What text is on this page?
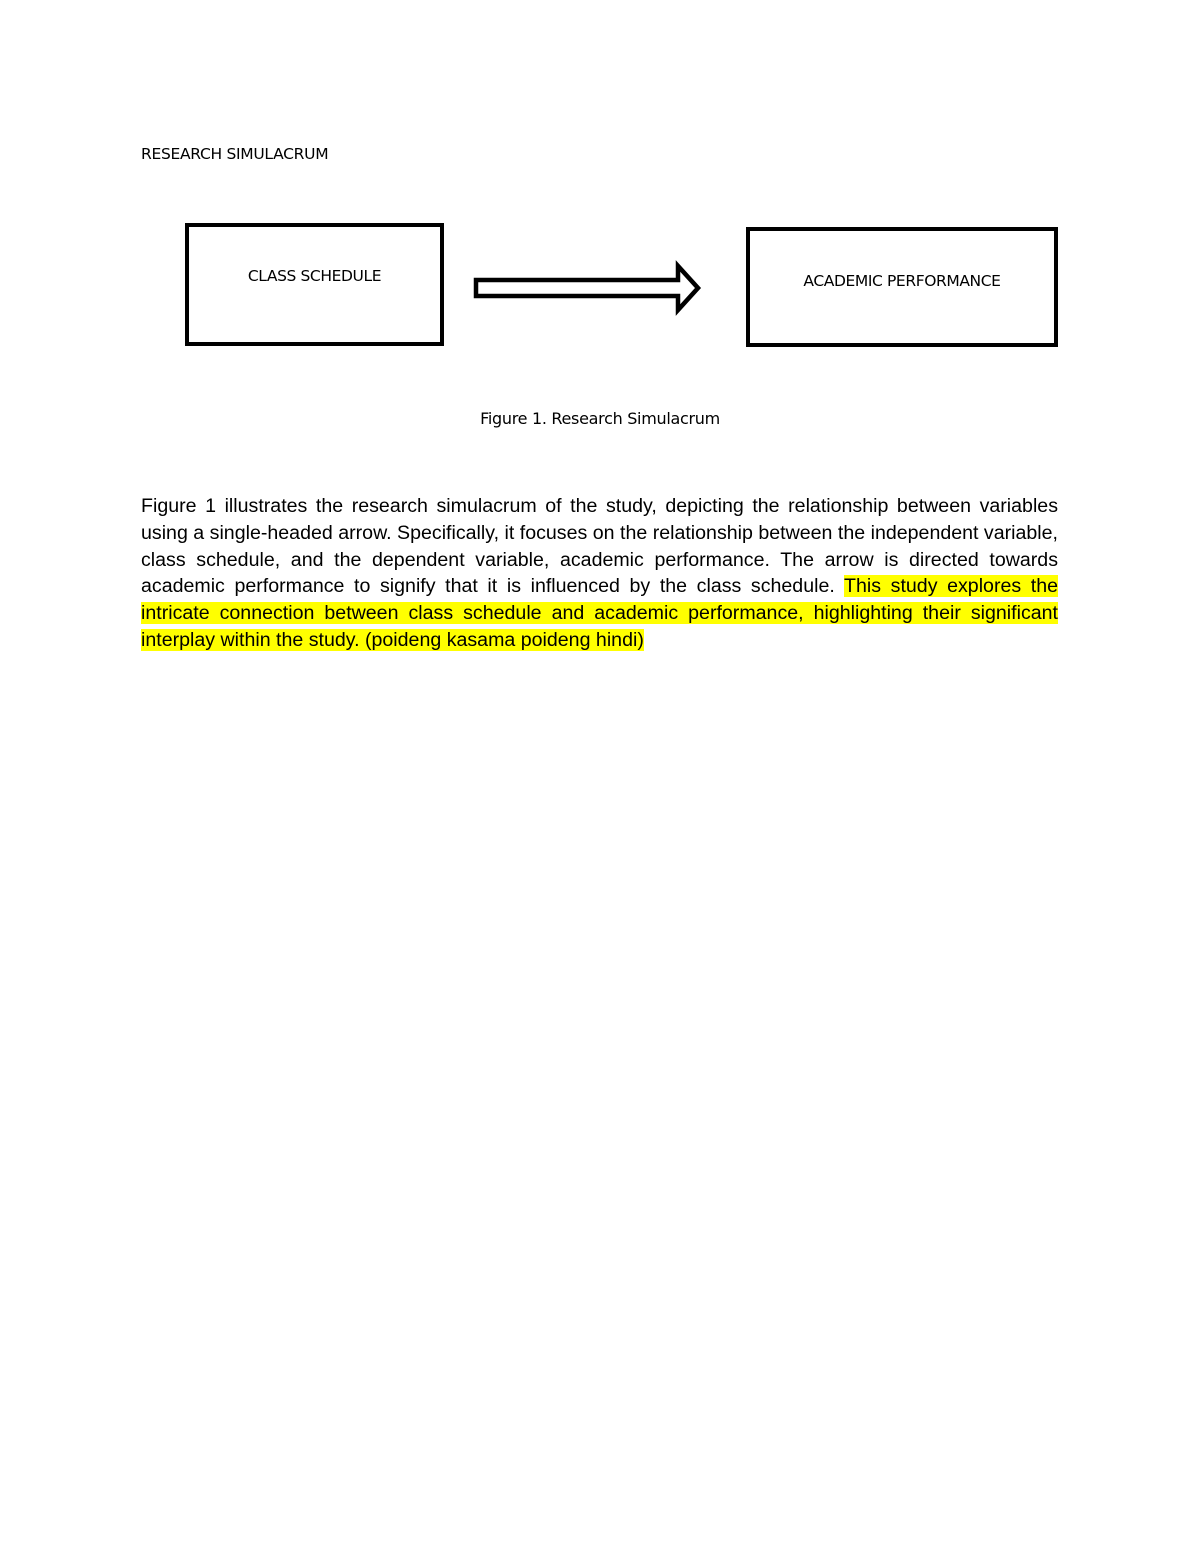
RESEARCH SIMULACRUM
CLASS SCHEDULE	ACADEMIC PERFORMANCE
Figure 1. Research Simulacrum

Figure 1 illustrates the research simulacrum of the study, depicting the relationship between variables using a single-headed arrow. Specifically, it focuses on the relationship between the independent variable, class schedule, and the dependent variable, academic performance. The arrow is directed towards academic performance to signify that it is influenced by the class schedule. This study explores the intricate connection between class schedule and academic performance, highlighting their significant interplay within the study. (poideng kasama poideng hindi)
